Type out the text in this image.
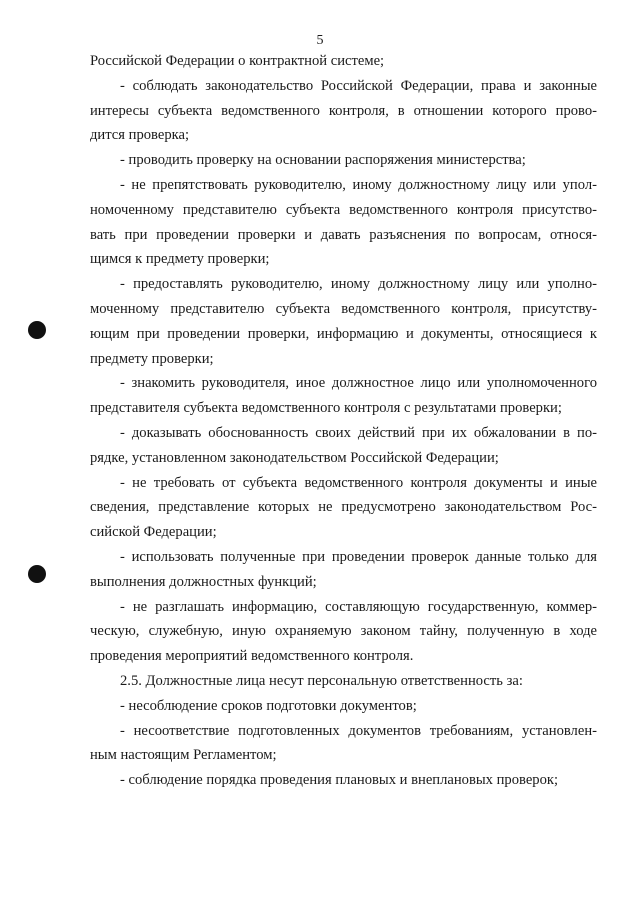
5
Российской Федерации о контрактной системе;
- соблюдать законодательство Российской Федерации, права и законные
интересы субъекта ведомственного контроля, в отношении которого прово-
дится проверка;
- проводить проверку на основании распоряжения министерства;
- не препятствовать руководителю, иному должностному лицу или упол-
номоченному представителю субъекта ведомственного контроля присутство-
вать при проведении проверки и давать разъяснения по вопросам, относя-
щимся к предмету проверки;
- предоставлять руководителю, иному должностному лицу или уполно-
моченному представителю субъекта ведомственного контроля, присутству-
ющим при проведении проверки, информацию и документы, относящиеся к
предмету проверки;
- знакомить руководителя, иное должностное лицо или уполномоченного
представителя субъекта ведомственного контроля с результатами проверки;
- доказывать обоснованность своих действий при их обжаловании в по-
рядке, установленном законодательством Российской Федерации;
- не требовать от субъекта ведомственного контроля документы и иные
сведения, представление которых не предусмотрено законодательством Рос-
сийской Федерации;
- использовать полученные при проведении проверок данные только для
выполнения должностных функций;
- не разглашать информацию, составляющую государственную, коммер-
ческую, служебную, иную охраняемую законом тайну, полученную в ходе
проведения мероприятий ведомственного контроля.
2.5. Должностные лица несут персональную ответственность за:
- несоблюдение сроков подготовки документов;
- несоответствие подготовленных документов требованиям, установлен-
ным настоящим Регламентом;
- соблюдение порядка проведения плановых и внеплановых проверок;
